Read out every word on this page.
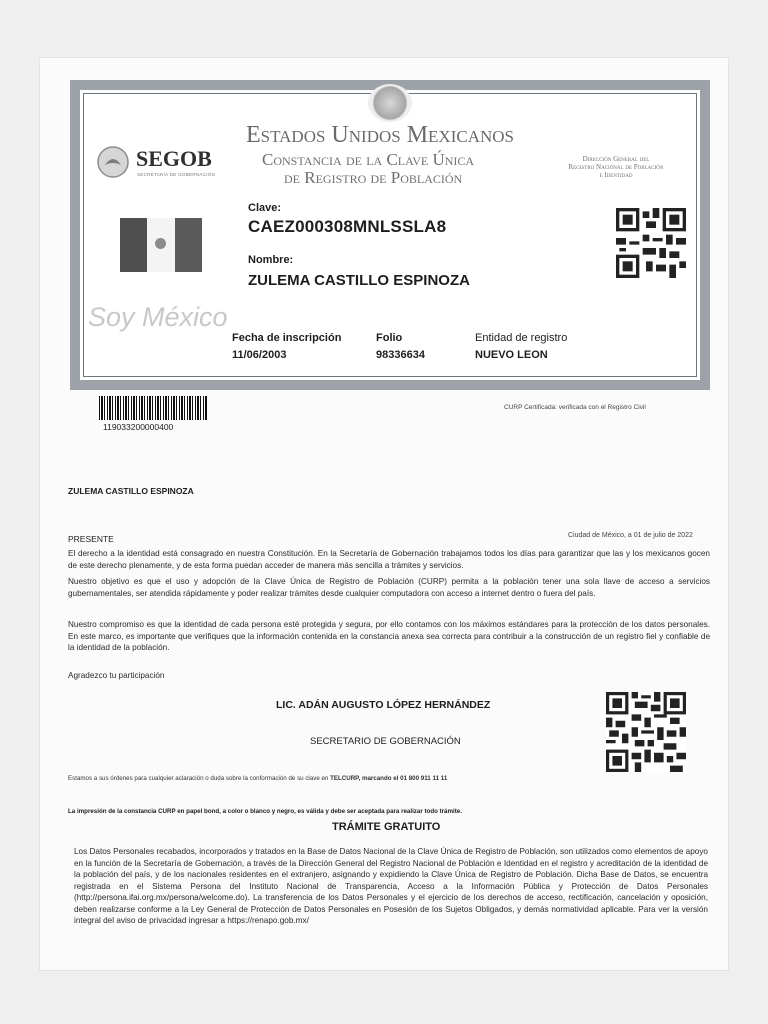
SEGOB
SECRETARÍA DE GOBERNACIÓN
Estados Unidos Mexicanos
Constancia de la Clave Única
de Registro de Población
Dirección General del
Registro Nacional de Población
e Identidad
Clave:
CAEZ000308MNLSSLA8
Nombre:
ZULEMA CASTILLO ESPINOZA
Soy México
Fecha de inscripción
11/06/2003
Folio
98336634
Entidad de registro
NUEVO LEON
119033200000400
CURP Certificada: verificada con el Registro Civil
ZULEMA CASTILLO ESPINOZA
PRESENTE	Ciudad de México, a 01 de julio de 2022
El derecho a la identidad está consagrado en nuestra Constitución. En la Secretaría de Gobernación trabajamos todos los días para garantizar que las y los mexicanos gocen de este derecho plenamente, y de esta forma puedan acceder de manera más sencilla a trámites y servicios.
Nuestro objetivo es que el uso y adopción de la Clave Única de Registro de Población (CURP) permita a la población tener una sola llave de acceso a servicios gubernamentales, ser atendida rápidamente y poder realizar trámites desde cualquier computadora con acceso a internet dentro o fuera del país.
Nuestro compromiso es que la identidad de cada persona esté protegida y segura, por ello contamos con los máximos estándares para la protección de los datos personales. En este marco, es importante que verifiques que la información contenida en la constancia anexa sea correcta para contribuir a la construcción de un registro fiel y confiable de la identidad de la población.
Agradezco tu participación
LIC. ADÁN AUGUSTO LÓPEZ HERNÁNDEZ
SECRETARIO DE GOBERNACIÓN
Estamos a sus órdenes para cualquier aclaración o duda sobre la conformación de su clave en TELCURP, marcando el 01 800 911 11 11
La impresión de la constancia CURP en papel bond, a color o blanco y negro, es válida y debe ser aceptada para realizar todo trámite.
TRÁMITE GRATUITO
Los Datos Personales recabados, incorporados y tratados en la Base de Datos Nacional de la Clave Única de Registro de Población, son utilizados como elementos de apoyo en la función de la Secretaría de Gobernación, a través de la Dirección General del Registro Nacional de Población e Identidad en el registro y acreditación de la identidad de la población del país, y de los nacionales residentes en el extranjero, asignando y expidiendo la Clave Única de Registro de Población. Dicha Base de Datos, se encuentra registrada en el Sistema Persona del Instituto Nacional de Transparencia, Acceso a la Información Pública y Protección de Datos Personales (http://persona.ifai.org.mx/persona/welcome.do). La transferencia de los Datos Personales y el ejercicio de los derechos de acceso, rectificación, cancelación y oposición, deben realizarse conforme a la Ley General de Protección de Datos Personales en Posesión de los Sujetos Obligados, y demás normatividad aplicable. Para ver la versión integral del aviso de privacidad ingresar a https://renapo.gob.mx/
